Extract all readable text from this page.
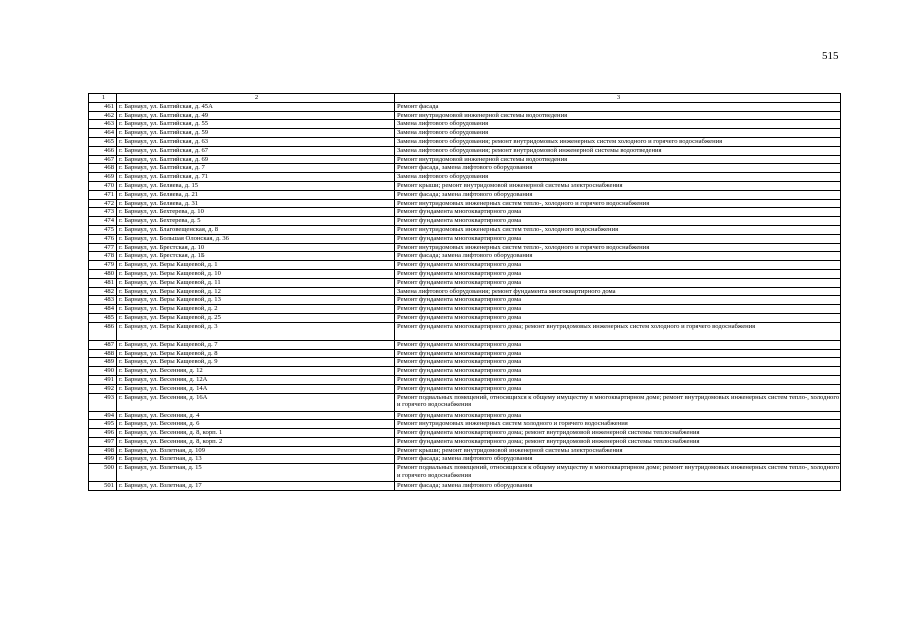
515
1	2	3
461	г. Барнаул, ул. Балтийская, д. 45А	Ремонт фасада
462	г. Барнаул, ул. Балтийская, д. 49	Ремонт внутридомовой инженерной системы водоотведения
463	г. Барнаул, ул. Балтийская, д. 55	Замена лифтового оборудования
464	г. Барнаул, ул. Балтийская, д. 59	Замена лифтового оборудования
465	г. Барнаул, ул. Балтийская, д. 63	Замена лифтового оборудования; ремонт внутридомовых инженерных систем холодного и горячего водоснабжения
466	г. Барнаул, ул. Балтийская, д. 67	Замена лифтового оборудования; ремонт внутридомовой инженерной системы водоотведения
467	г. Барнаул, ул. Балтийская, д. 69	Ремонт внутридомовой инженерной системы водоотведения
468	г. Барнаул, ул. Балтийская, д. 7	Ремонт фасада, замена лифтового оборудования
469	г. Барнаул, ул. Балтийская, д. 71	Замена лифтового оборудования
470	г. Барнаул, ул. Беляева, д. 15	Ремонт крыши; ремонт внутридомовой инженерной системы электроснабжения
471	г. Барнаул, ул. Беляева, д. 21	Ремонт фасада; замена лифтового оборудования
472	г. Барнаул, ул. Беляева, д. 31	Ремонт внутридомовых инженерных систем тепло-, холодного и горячего водоснабжения
473	г. Барнаул, ул. Бехтерева, д. 10	Ремонт фундамента многоквартирного дома
474	г. Барнаул, ул. Бехтерева, д. 5	Ремонт фундамента многоквартирного дома
475	г. Барнаул, ул. Благовещенская, д. 8	Ремонт внутридомовых инженерных систем тепло-, холодного водоснабжения
476	г. Барнаул, ул. Большая Олонская, д. 36	Ремонт фундамента многоквартирного дома
477	г. Барнаул, ул. Брестская, д. 10	Ремонт внутридомовых инженерных систем тепло-, холодного и горячего водоснабжения
478	г. Барнаул, ул. Брестская, д. 1Б	Ремонт фасада; замена лифтового оборудования
479	г. Барнаул, ул. Веры Кащеевой, д. 1	Ремонт фундамента многоквартирного дома
480	г. Барнаул, ул. Веры Кащеевой, д. 10	Ремонт фундамента многоквартирного дома
481	г. Барнаул, ул. Веры Кащеевой, д. 11	Ремонт фундамента многоквартирного дома
482	г. Барнаул, ул. Веры Кащеевой, д. 12	Замена лифтового оборудования; ремонт фундамента многоквартирного дома
483	г. Барнаул, ул. Веры Кащеевой, д. 13	Ремонт фундамента многоквартирного дома
484	г. Барнаул, ул. Веры Кащеевой, д. 2	Ремонт фундамента многоквартирного дома
485	г. Барнаул, ул. Веры Кащеевой, д. 25	Ремонт фундамента многоквартирного дома
486	г. Барнаул, ул. Веры Кащеевой, д. 3	Ремонт фундамента многоквартирного дома; ремонт внутридомовых инженерных систем холодного и горячего водоснабжения
487	г. Барнаул, ул. Веры Кащеевой, д. 7	Ремонт фундамента многоквартирного дома
488	г. Барнаул, ул. Веры Кащеевой, д. 8	Ремонт фундамента многоквартирного дома
489	г. Барнаул, ул. Веры Кащеевой, д. 9	Ремонт фундамента многоквартирного дома
490	г. Барнаул, ул. Весенняя, д. 12	Ремонт фундамента многоквартирного дома
491	г. Барнаул, ул. Весенняя, д. 12А	Ремонт фундамента многоквартирного дома
492	г. Барнаул, ул. Весенняя, д. 14А	Ремонт фундамента многоквартирного дома
493	г. Барнаул, ул. Весенняя, д. 16А	Ремонт подвальных помещений, относящихся к общему имуществу в многоквартирном доме; ремонт внутридомовых инженерных систем тепло-, холодного и горячего водоснабжения
494	г. Барнаул, ул. Весенняя, д. 4	Ремонт фундамента многоквартирного дома
495	г. Барнаул, ул. Весенняя, д. 6	Ремонт внутридомовых инженерных систем холодного и горячего водоснабжения
496	г. Барнаул, ул. Весенняя, д. 8, корп. 1	Ремонт фундамента многоквартирного дома; ремонт внутридомовой инженерной системы теплоснабжения
497	г. Барнаул, ул. Весенняя, д. 8, корп. 2	Ремонт фундамента многоквартирного дома; ремонт внутридомовой инженерной системы теплоснабжения
498	г. Барнаул, ул. Взлетная, д. 109	Ремонт крыши; ремонт внутридомовой инженерной системы электроснабжения
499	г. Барнаул, ул. Взлетная, д. 13	Ремонт фасада; замена лифтового оборудования
500	г. Барнаул, ул. Взлетная, д. 15	Ремонт подвальных помещений, относящихся к общему имуществу в многоквартирном доме; ремонт внутридомовых инженерных систем тепло-, холодного и горячего водоснабжения
501	г. Барнаул, ул. Взлетная, д. 17	Ремонт фасада; замена лифтового оборудования
